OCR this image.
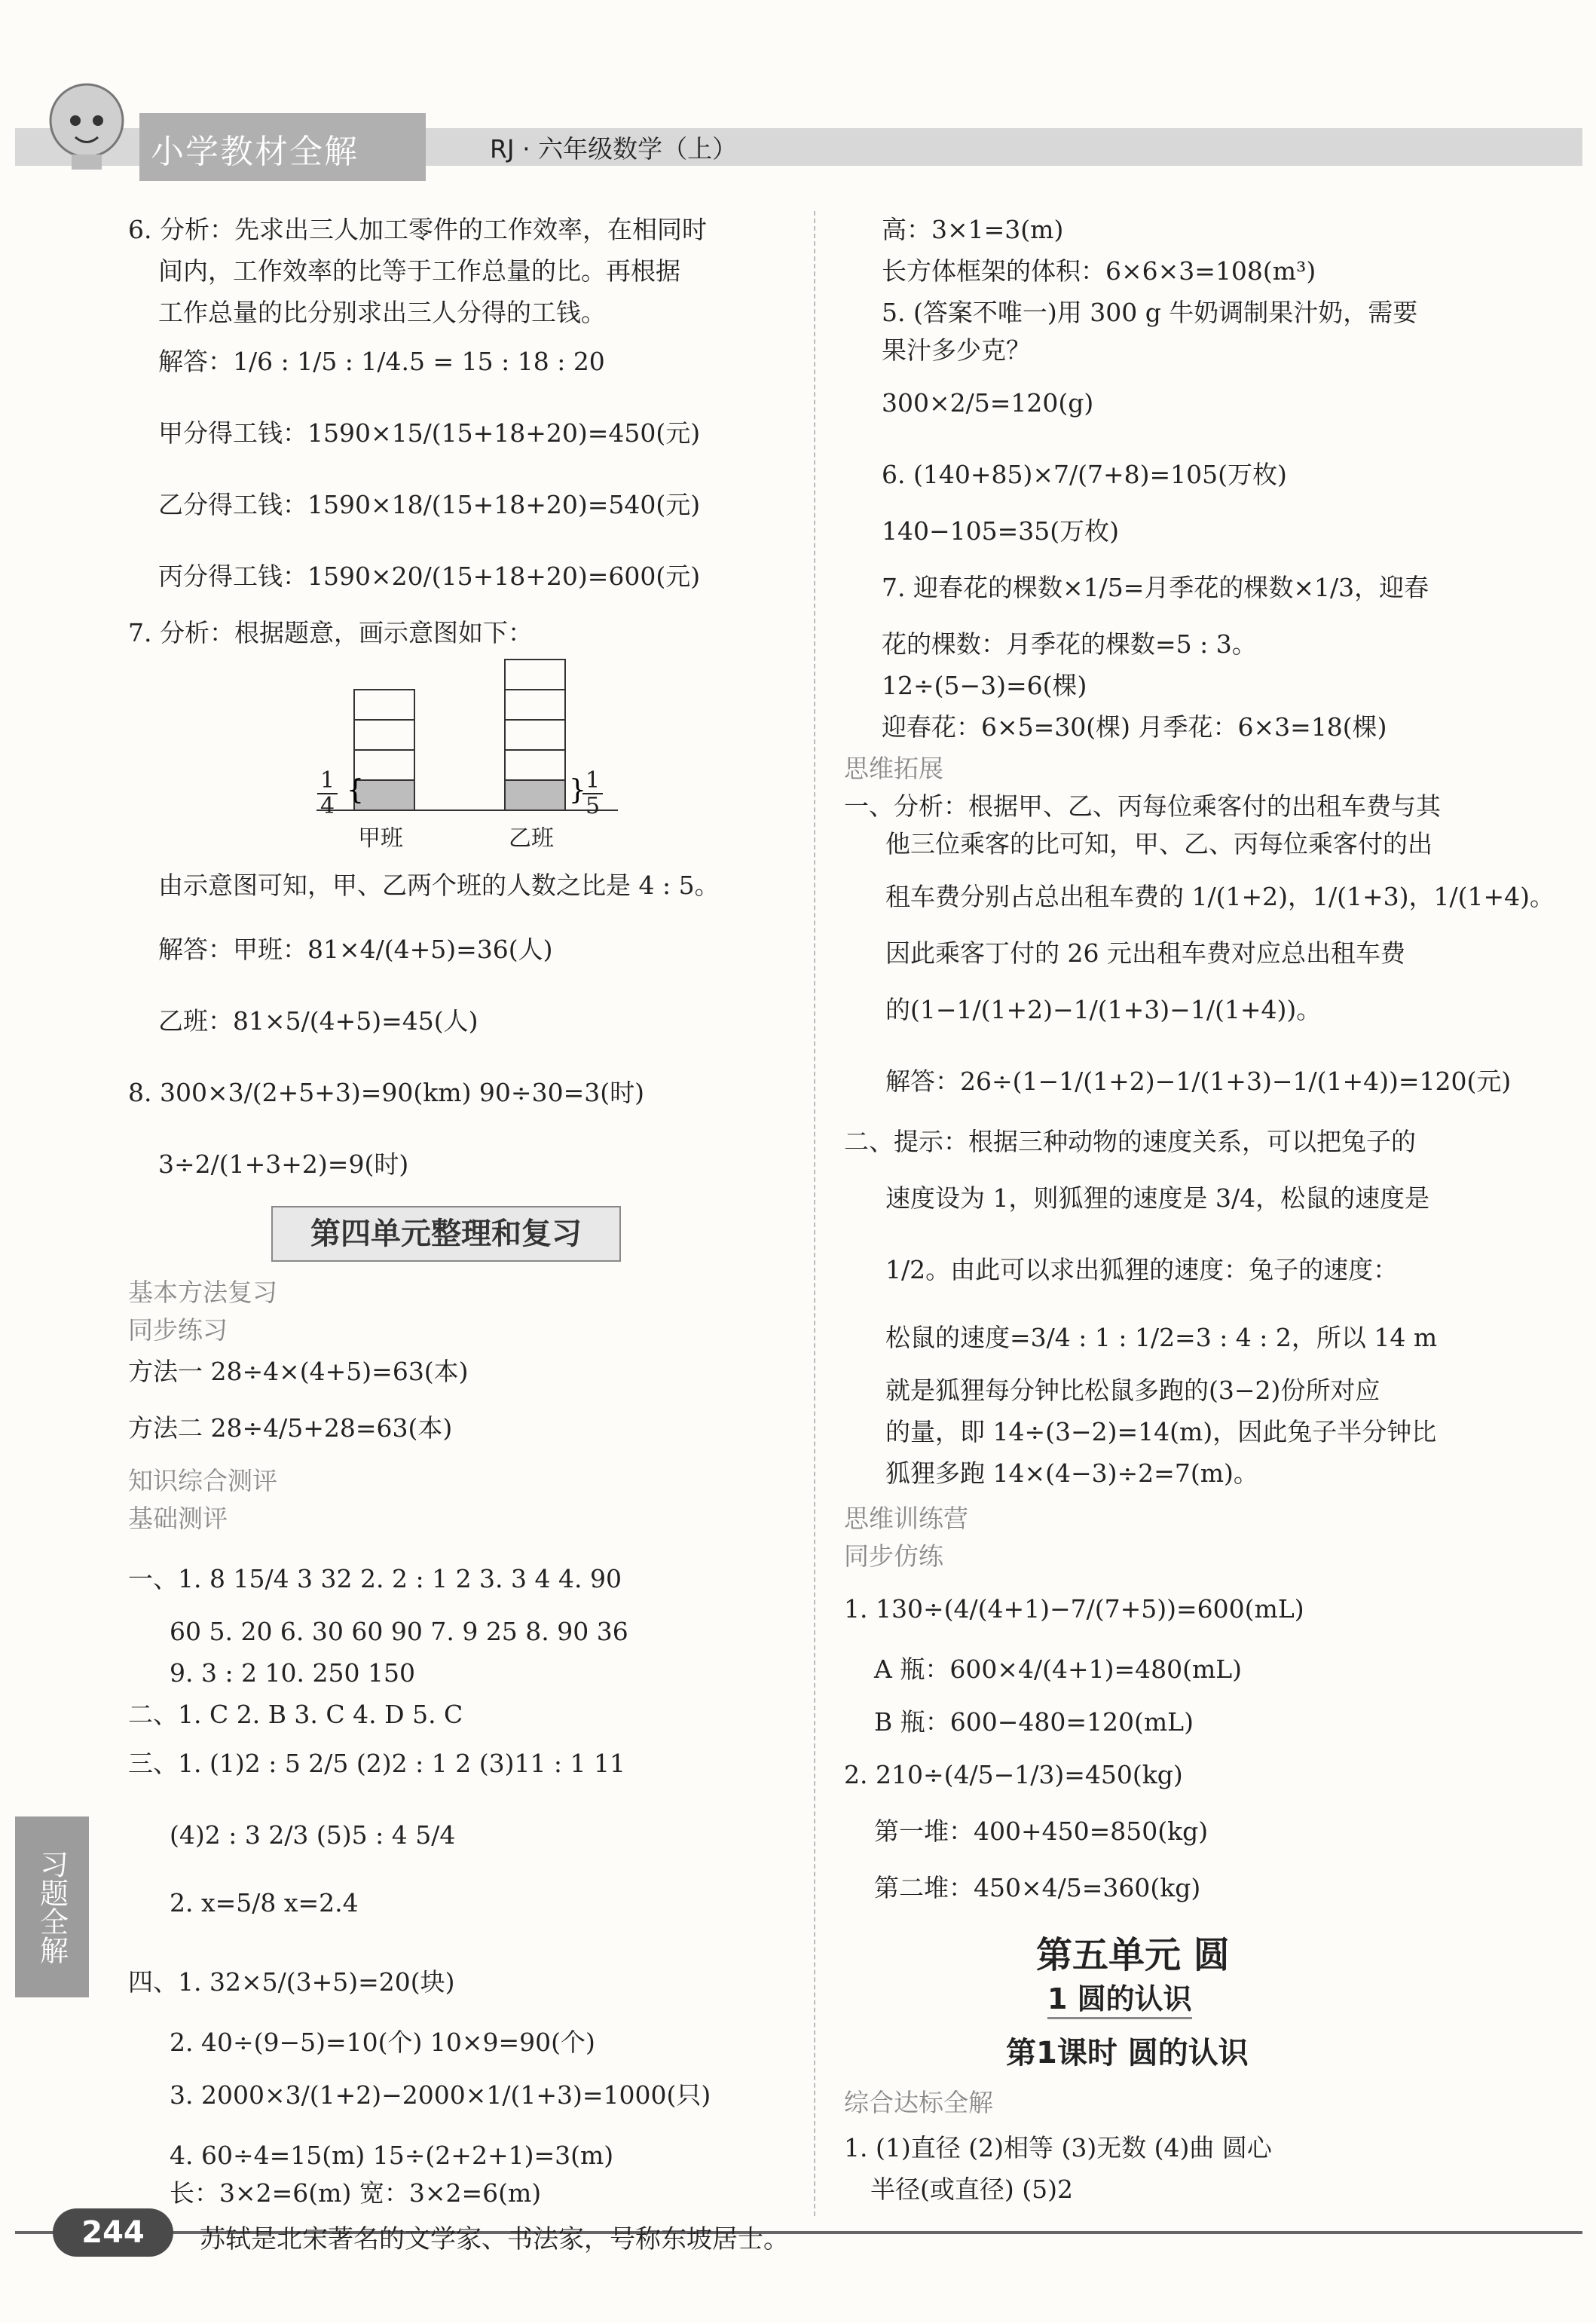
小学教材全解	RJ · 六年级数学（上）
6. 分析：先求出三人加工零件的工作效率，在相同时
间内，工作效率的比等于工作总量的比。再根据
工作总量的比分别求出三人分得的工钱。
解答：1/6 : 1/5 : 1/4.5 = 15 : 18 : 20
甲分得工钱：1590×15/(15+18+20)=450(元)
乙分得工钱：1590×18/(15+18+20)=540(元)
丙分得工钱：1590×20/(15+18+20)=600(元)
7. 分析：根据题意，画示意图如下：
{	}
$\frac{1}{4}$	$\frac{1}{5}$
甲班	乙班
由示意图可知，甲、乙两个班的人数之比是 4 : 5。
解答：甲班：81×4/(4+5)=36(人)
乙班：81×5/(4+5)=45(人)
8. 300×3/(2+5+3)=90(km) 90÷30=3(时)
3÷2/(1+3+2)=9(时)
第四单元整理和复习
基本方法复习
同步练习
方法一 28÷4×(4+5)=63(本)
方法二 28÷4/5+28=63(本)
知识综合测评
基础测评
一、1. 8 15/4 3 32 2. 2 : 1 2 3. 3 4 4. 90
60 5. 20 6. 30 60 90 7. 9 25 8. 90 36
9. 3 : 2 10. 250 150
二、1. C 2. B 3. C 4. D 5. C
三、1. (1)2 : 5 2/5 (2)2 : 1 2 (3)11 : 1 11
(4)2 : 3 2/3 (5)5 : 4 5/4
2. x=5/8 x=2.4
四、1. 32×5/(3+5)=20(块)
2. 40÷(9−5)=10(个) 10×9=90(个)
3. 2000×3/(1+2)−2000×1/(1+3)=1000(只)
4. 60÷4=15(m) 15÷(2+2+1)=3(m)
长：3×2=6(m) 宽：3×2=6(m)
高：3×1=3(m)
长方体框架的体积：6×6×3=108(m³)
5. (答案不唯一)用 300 g 牛奶调制果汁奶，需要
果汁多少克？
300×2/5=120(g)
6. (140+85)×7/(7+8)=105(万枚)
140−105=35(万枚)
7. 迎春花的棵数×1/5=月季花的棵数×1/3，迎春
花的棵数：月季花的棵数=5 : 3。
12÷(5−3)=6(棵)
迎春花：6×5=30(棵) 月季花：6×3=18(棵)
思维拓展
一、分析：根据甲、乙、丙每位乘客付的出租车费与其
他三位乘客的比可知，甲、乙、丙每位乘客付的出
租车费分别占总出租车费的 1/(1+2)，1/(1+3)，1/(1+4)。
因此乘客丁付的 26 元出租车费对应总出租车费
的(1−1/(1+2)−1/(1+3)−1/(1+4))。
解答：26÷(1−1/(1+2)−1/(1+3)−1/(1+4))=120(元)
二、提示：根据三种动物的速度关系，可以把兔子的
速度设为 1，则狐狸的速度是 3/4，松鼠的速度是
1/2。由此可以求出狐狸的速度：兔子的速度：
松鼠的速度=3/4 : 1 : 1/2=3 : 4 : 2，所以 14 m
就是狐狸每分钟比松鼠多跑的(3−2)份所对应
的量，即 14÷(3−2)=14(m)，因此兔子半分钟比
狐狸多跑 14×(4−3)÷2=7(m)。
思维训练营
同步仿练
1. 130÷(4/(4+1)−7/(7+5))=600(mL)
A 瓶：600×4/(4+1)=480(mL)
B 瓶：600−480=120(mL)
2. 210÷(4/5−1/3)=450(kg)
第一堆：400+450=850(kg)
第二堆：450×4/5=360(kg)
第五单元 圆
1 圆的认识
第1课时 圆的认识
综合达标全解
1. (1)直径 (2)相等 (3)无数 (4)曲 圆心
半径(或直径) (5)2
习题全解
244	苏轼是北宋著名的文学家、书法家，号称东坡居士。
